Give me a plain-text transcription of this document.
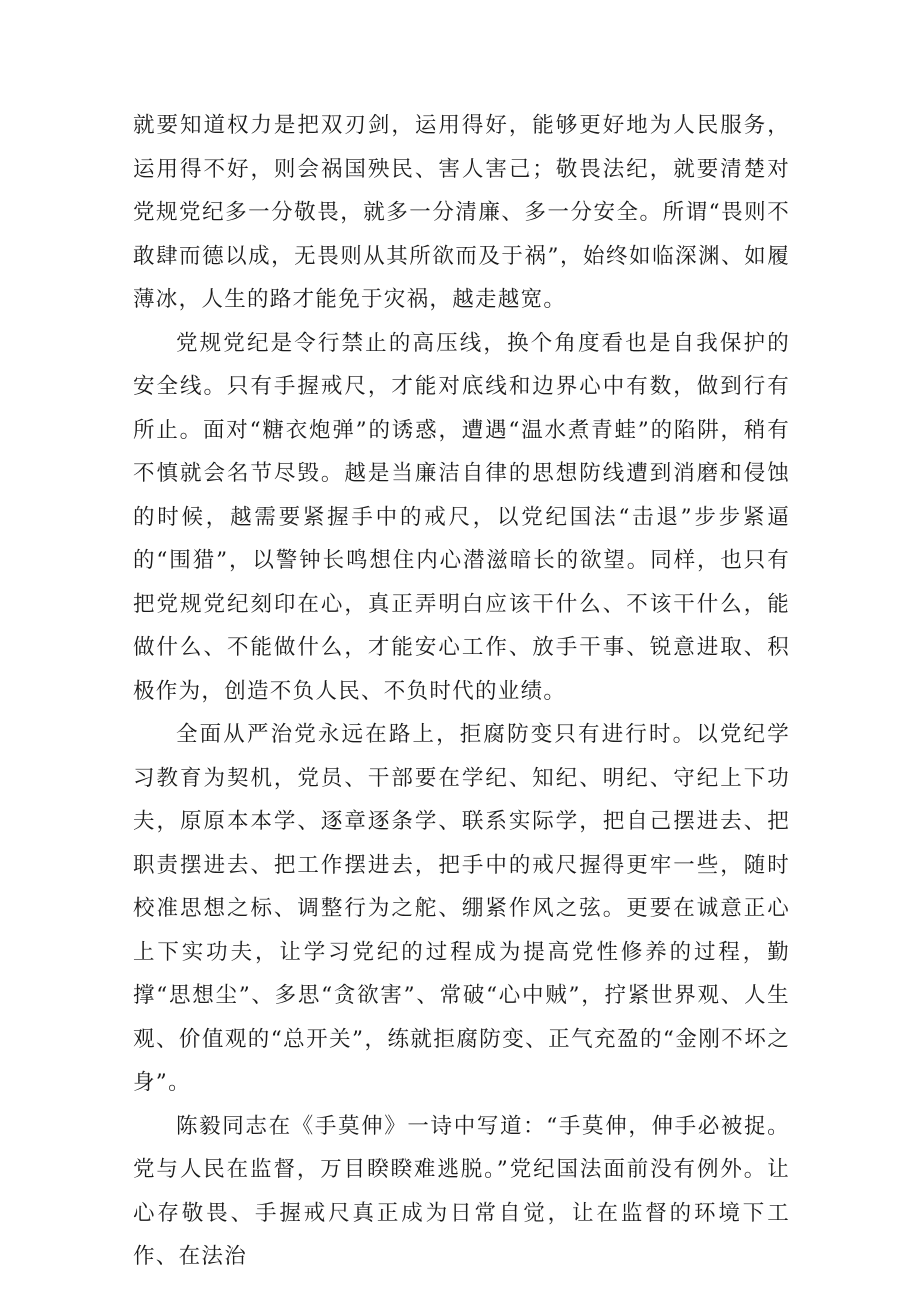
就要知道权力是把双刃剑，运用得好，能够更好地为人民服务，运用得不好，则会祸国殃民、害人害己；敬畏法纪，就要清楚对党规党纪多一分敬畏，就多一分清廉、多一分安全。所谓“畏则不敢肆而德以成，无畏则从其所欲而及于祸”，始终如临深渊、如履薄冰，人生的路才能免于灾祸，越走越宽。

党规党纪是令行禁止的高压线，换个角度看也是自我保护的安全线。只有手握戒尺，才能对底线和边界心中有数，做到行有所止。面对“糖衣炮弹”的诱惑，遭遇“温水煮青蛙”的陷阱，稍有不慎就会名节尽毁。越是当廉洁自律的思想防线遭到消磨和侵蚀的时候，越需要紧握手中的戒尺，以党纪国法“击退”步步紧逼的“围猎”，以警钟长鸣想住内心潜滋暗长的欲望。同样，也只有把党规党纪刻印在心，真正弄明白应该干什么、不该干什么，能做什么、不能做什么，才能安心工作、放手干事、锐意进取、积极作为，创造不负人民、不负时代的业绩。

全面从严治党永远在路上，拒腐防变只有进行时。以党纪学习教育为契机，党员、干部要在学纪、知纪、明纪、守纪上下功夫，原原本本学、逐章逐条学、联系实际学，把自己摆进去、把职责摆进去、把工作摆进去，把手中的戒尺握得更牢一些，随时校准思想之标、调整行为之舵、绷紧作风之弦。更要在诚意正心上下实功夫，让学习党纪的过程成为提高党性修养的过程，勤撑“思想尘”、多思“贪欲害”、常破“心中贼”，拧紧世界观、人生观、价值观的“总开关”，练就拒腐防变、正气充盈的“金刚不坏之身”。

陈毅同志在《手莫伸》一诗中写道：“手莫伸，伸手必被捉。党与人民在监督，万目睽睽难逃脱。”党纪国法面前没有例外。让心存敬畏、手握戒尺真正成为日常自觉，让在监督的环境下工作、在法治
